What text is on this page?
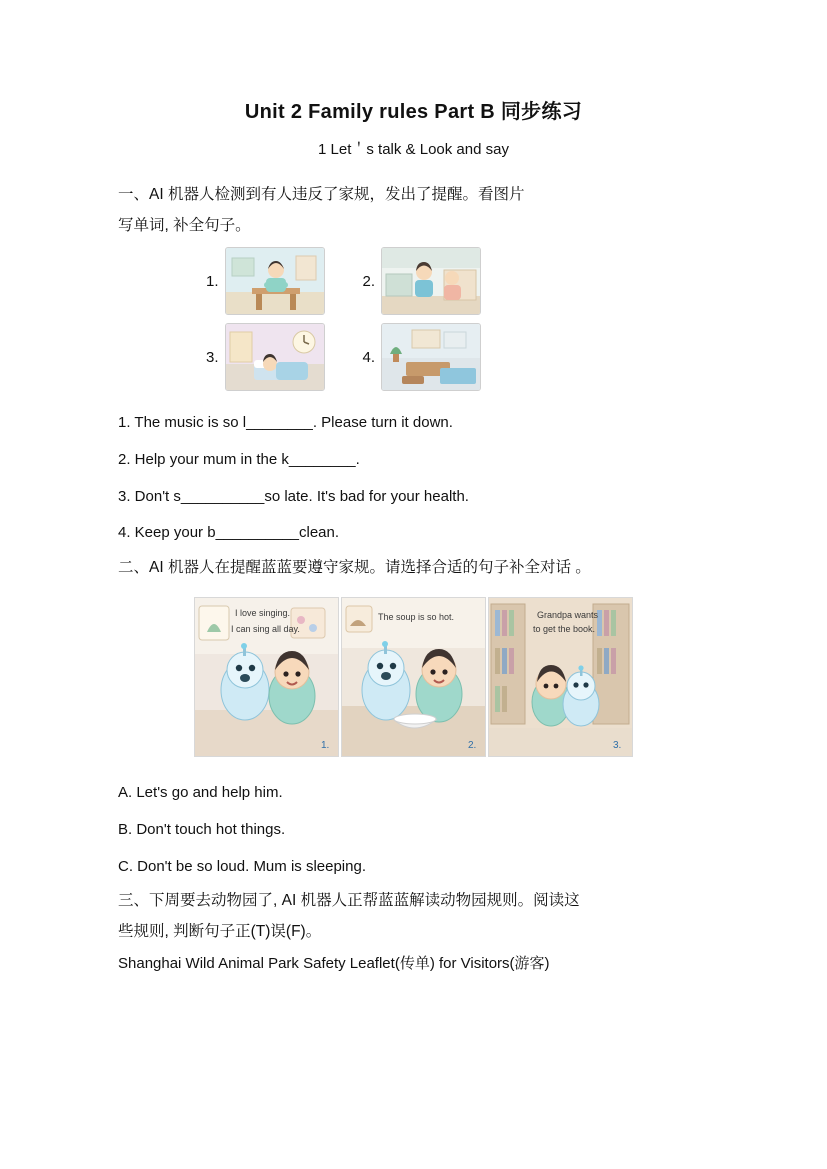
Unit 2 Family rules Part B 同步练习
1 Let＇s talk & Look and say

一、AI 机器人检测到有人违反了家规，发出了提醒。看图片

写单词, 补全句子。

1.	2.
3.	4.

1. The music is so l________. Please turn it down.

2. Help your mum in the k________.

3. Don't s__________so late. It's bad for your health.

4. Keep your b__________clean.

二、AI 机器人在提醒蓝蓝要遵守家规。请选择合适的句子补全对话 。

I love singing.
I can sing all day.
1.
The soup is so hot.
2.
Grandpa wants
to get the book.
3.

A. Let's go and help him.

B. Don't touch hot things.

C. Don't be so loud. Mum is sleeping.

三、下周要去动物园了, AI 机器人正帮蓝蓝解读动物园规则。阅读这

些规则, 判断句子正(T)误(F)。

Shanghai Wild Animal Park Safety Leaflet(传单) for Visitors(游客)
